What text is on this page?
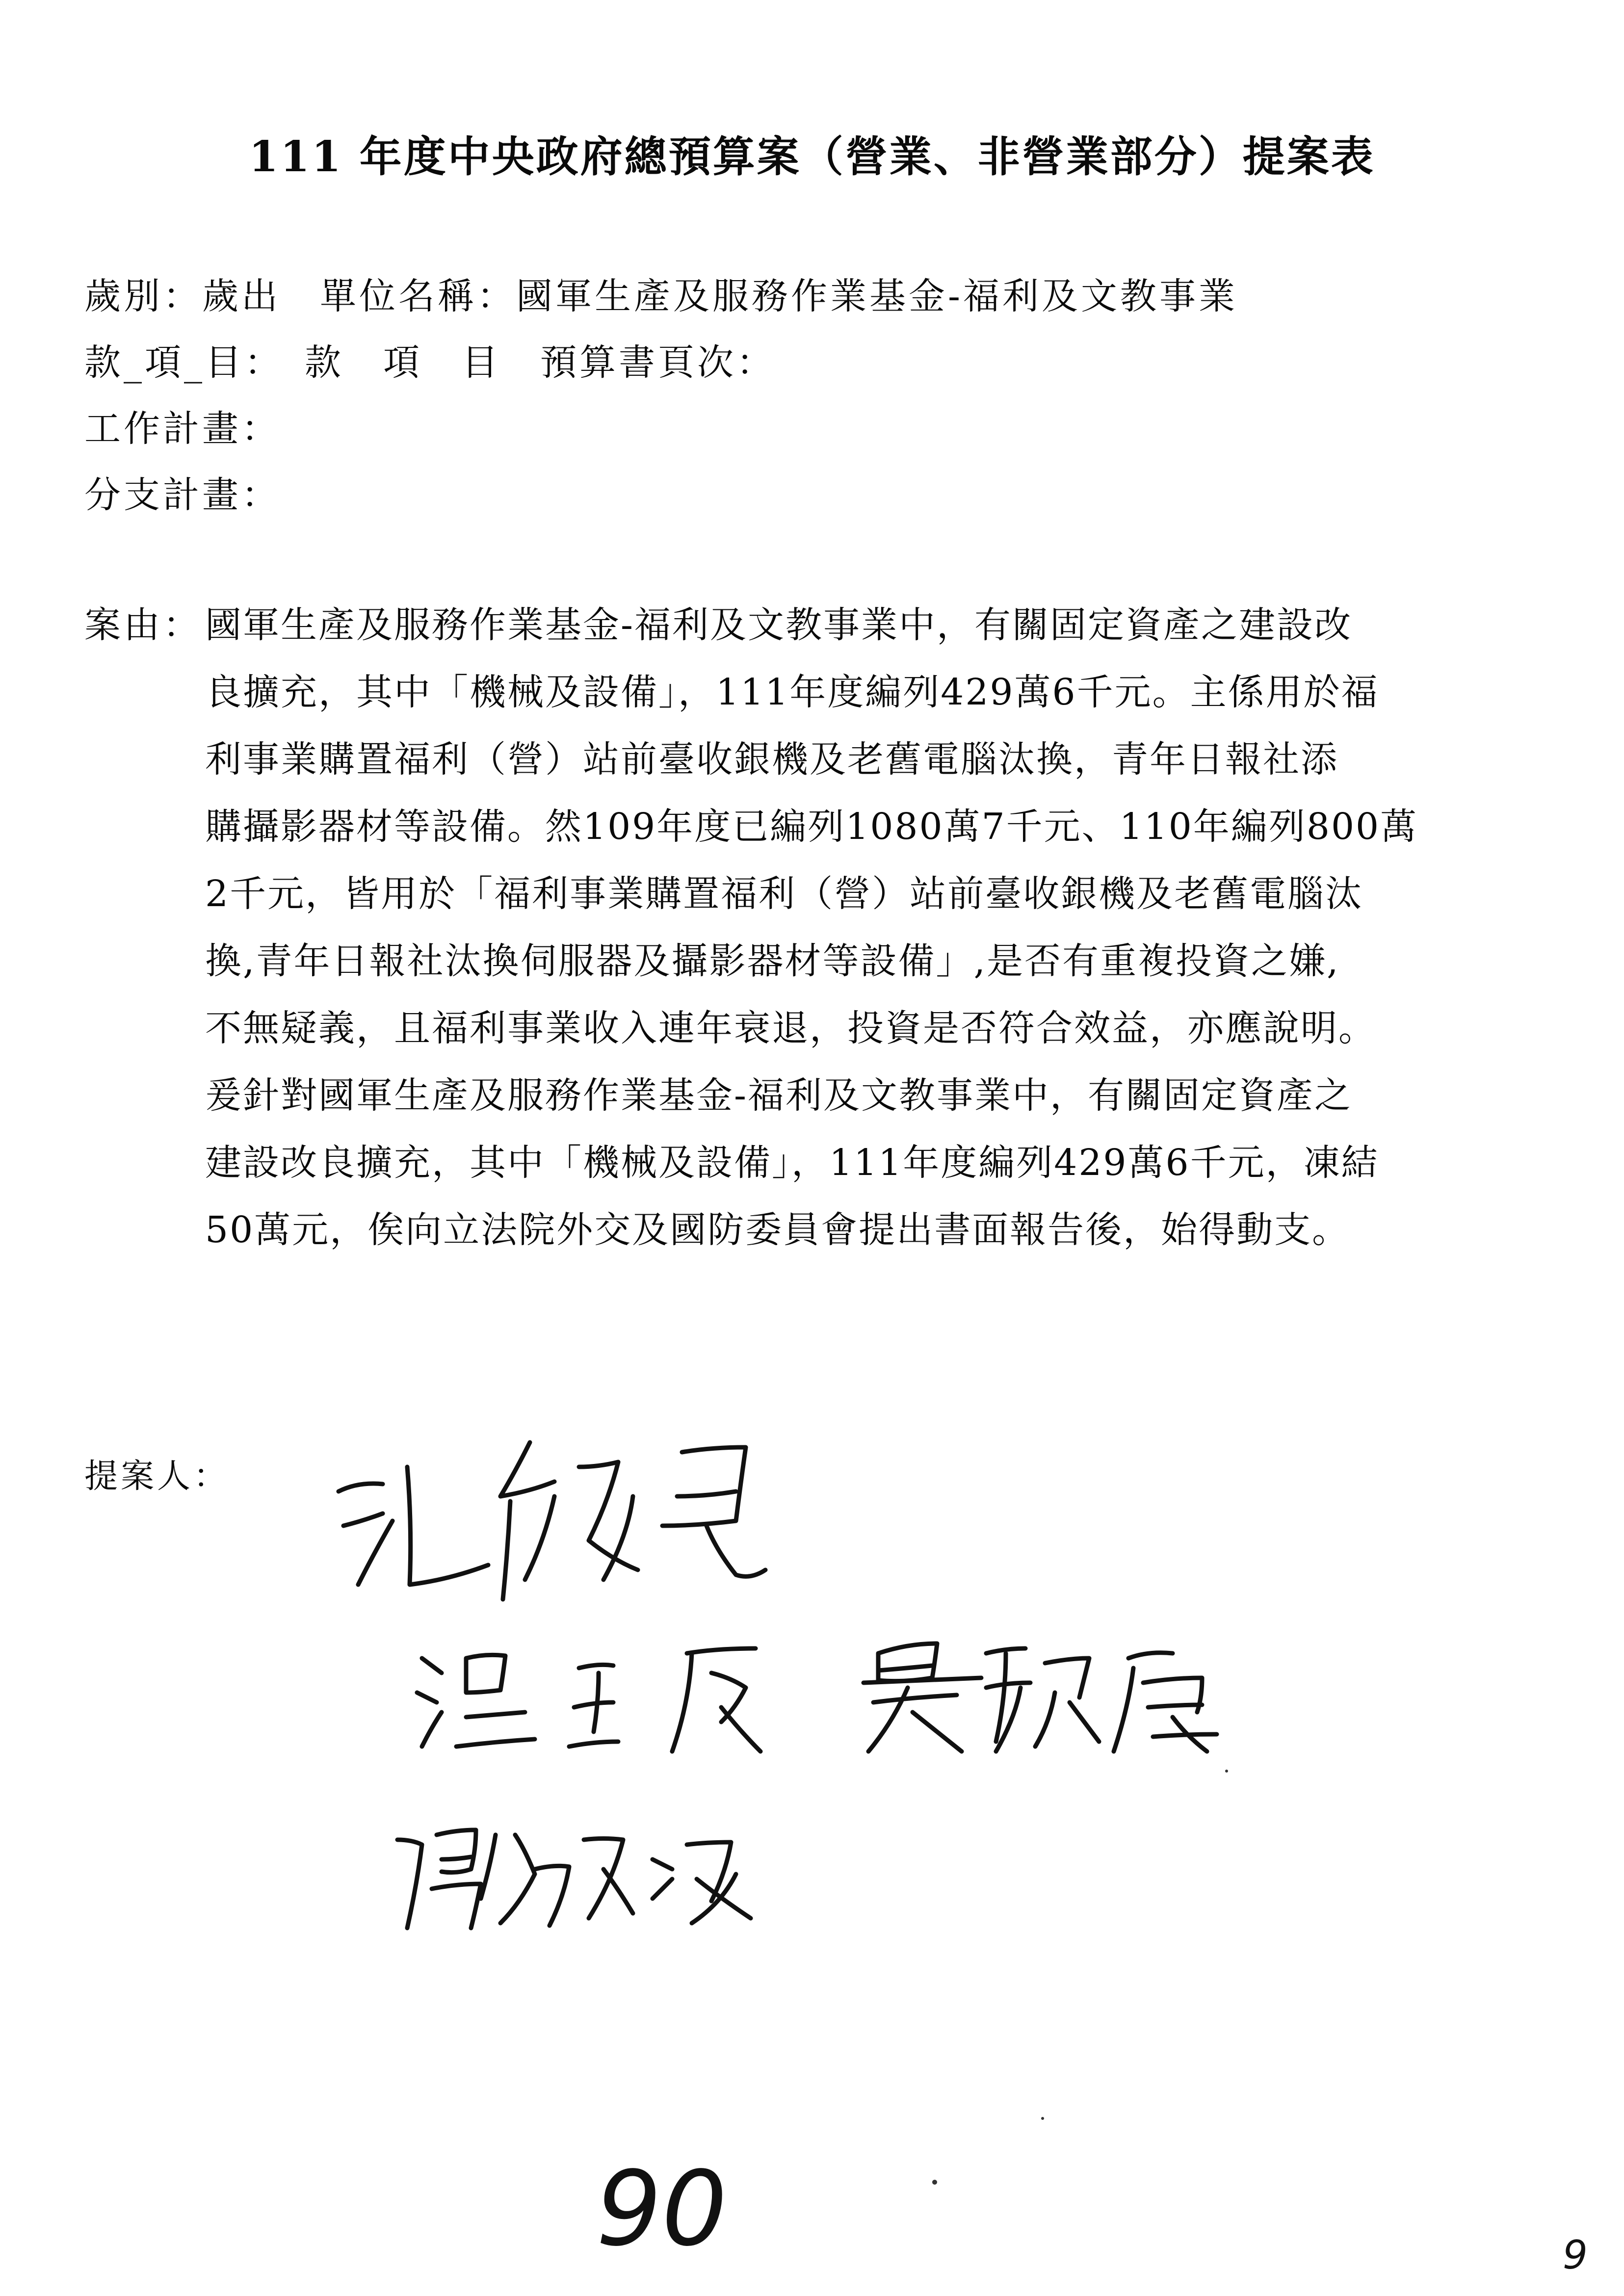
111 年度中央政府總預算案（營業、非營業部分）提案表
歲別：歲出　單位名稱：國軍生產及服務作業基金-福利及文教事業
款_項_目：　款　項　目　預算書頁次：
工作計畫：
分支計畫：
案由： 國軍生產及服務作業基金-福利及文教事業中，有關固定資產之建設改
良擴充，其中「機械及設備」，111年度編列429萬6千元。主係用於福
利事業購置福利（營）站前臺收銀機及老舊電腦汰換，青年日報社添
購攝影器材等設備。然109年度已編列1080萬7千元、110年編列800萬
2千元，皆用於「福利事業購置福利（營）站前臺收銀機及老舊電腦汰
換,青年日報社汰換伺服器及攝影器材等設備」,是否有重複投資之嫌,
不無疑義，且福利事業收入連年衰退，投資是否符合效益，亦應說明。
爰針對國軍生產及服務作業基金-福利及文教事業中，有關固定資產之
建設改良擴充，其中「機械及設備」，111年度編列429萬6千元，凍結
50萬元，俟向立法院外交及國防委員會提出書面報告後，始得動支。
提案人：
90	9
